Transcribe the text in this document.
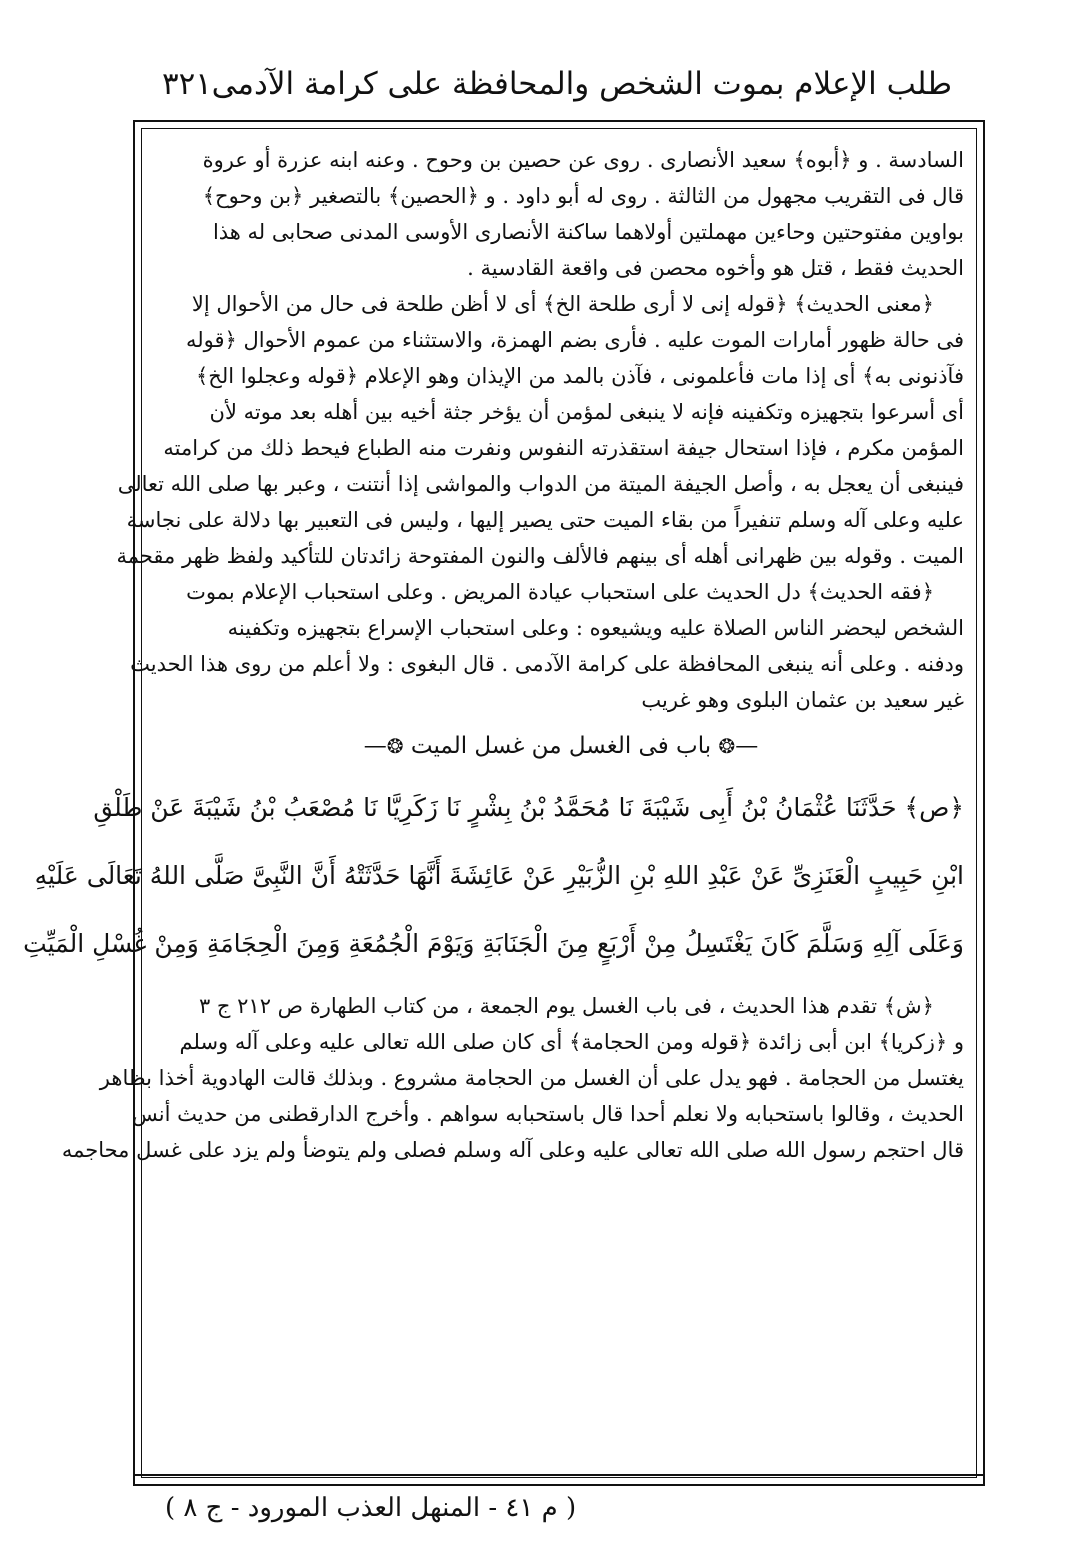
طلب الإعلام بموت الشخص والمحافظة على كرامة الآدمى
٣٢١
السادسة . و ﴿أبوه﴾ سعيد الأنصارى . روى عن حصين بن وحوح . وعنه ابنه عزرة أو عروة
قال فى التقريب مجهول من الثالثة . روى له أبو داود . و ﴿الحصين﴾ بالتصغير ﴿بن وحوح﴾
بواوين مفتوحتين وحاءين مهملتين أولاهما ساكنة الأنصارى الأوسى المدنى صحابى له هذا
الحديث فقط ، قتل هو وأخوه محصن فى واقعة القادسية .
﴿معنى الحديث﴾ ﴿قوله إنى لا أرى طلحة الخ﴾ أى لا أظن طلحة فى حال من الأحوال إلا
فى حالة ظهور أمارات الموت عليه . فأرى بضم الهمزة، والاستثناء من عموم الأحوال ﴿قوله
فآذنونى به﴾ أى إذا مات فأعلمونى ، فآذن بالمد من الإيذان وهو الإعلام ﴿قوله وعجلوا الخ﴾
أى أسرعوا بتجهيزه وتكفينه فإنه لا ينبغى لمؤمن أن يؤخر جثة أخيه بين أهله بعد موته لأن
المؤمن مكرم ، فإذا استحال جيفة استقذرته النفوس ونفرت منه الطباع فيحط ذلك من كرامته
فينبغى أن يعجل به ، وأصل الجيفة الميتة من الدواب والمواشى إذا أنتنت ، وعبر بها صلى الله تعالى
عليه وعلى آله وسلم تنفيراً من بقاء الميت حتى يصير إليها ، وليس فى التعبير بها دلالة على نجاسة
الميت . وقوله بين ظهرانى أهله أى بينهم فالألف والنون المفتوحة زائدتان للتأكيد ولفظ ظهر مقحمة
﴿فقه الحديث﴾ دل الحديث على استحباب عيادة المريض . وعلى استحباب الإعلام بموت
الشخص ليحضر الناس الصلاة عليه ويشيعوه : وعلى استحباب الإسراع بتجهيزه وتكفينه
ودفنه . وعلى أنه ينبغى المحافظة على كرامة الآدمى . قال البغوى : ولا أعلم من روى هذا الحديث
غير سعيد بن عثمان البلوى وهو غريب
—❂ باب فى الغسل من غسل الميت ❂—
﴿ص﴾ حَدَّثَنَا عُثْمَانُ بْنُ أَبِى شَيْبَةَ نَا مُحَمَّدُ بْنُ بِشْرٍ نَا زَكَرِيَّا نَا مُصْعَبُ بْنُ شَيْبَةَ عَنْ طَلْقِ
ابْنِ حَبِيبٍ الْعَنَزِىِّ عَنْ عَبْدِ اللهِ بْنِ الزُّبَيْرِ عَنْ عَائِشَةَ أَنَّهَا حَدَّثَتْهُ أَنَّ النَّبِىَّ صَلَّى اللهُ تَعَالَى عَلَيْهِ
وَعَلَى آلِهِ وَسَلَّمَ كَانَ يَغْتَسِلُ مِنْ أَرْبَعٍ مِنَ الْجَنَابَةِ وَيَوْمَ الْجُمُعَةِ وَمِنَ الْحِجَامَةِ وَمِنْ غُسْلِ الْمَيِّتِ
﴿ش﴾ تقدم هذا الحديث ، فى باب الغسل يوم الجمعة ، من كتاب الطهارة ص ٢١٢ ج ٣
و ﴿زكريا﴾ ابن أبى زائدة ﴿قوله ومن الحجامة﴾ أى كان صلى الله تعالى عليه وعلى آله وسلم
يغتسل من الحجامة . فهو يدل على أن الغسل من الحجامة مشروع . وبذلك قالت الهادوية أخذا بظاهر
الحديث ، وقالوا باستحبابه ولا نعلم أحدا قال باستحبابه سواهم . وأخرج الدارقطنى من حديث أنس
قال احتجم رسول الله صلى الله تعالى عليه وعلى آله وسلم فصلى ولم يتوضأ ولم يزد على غسل محاجمه
( م ٤١ - المنهل العذب المورود - ج ٨ )
